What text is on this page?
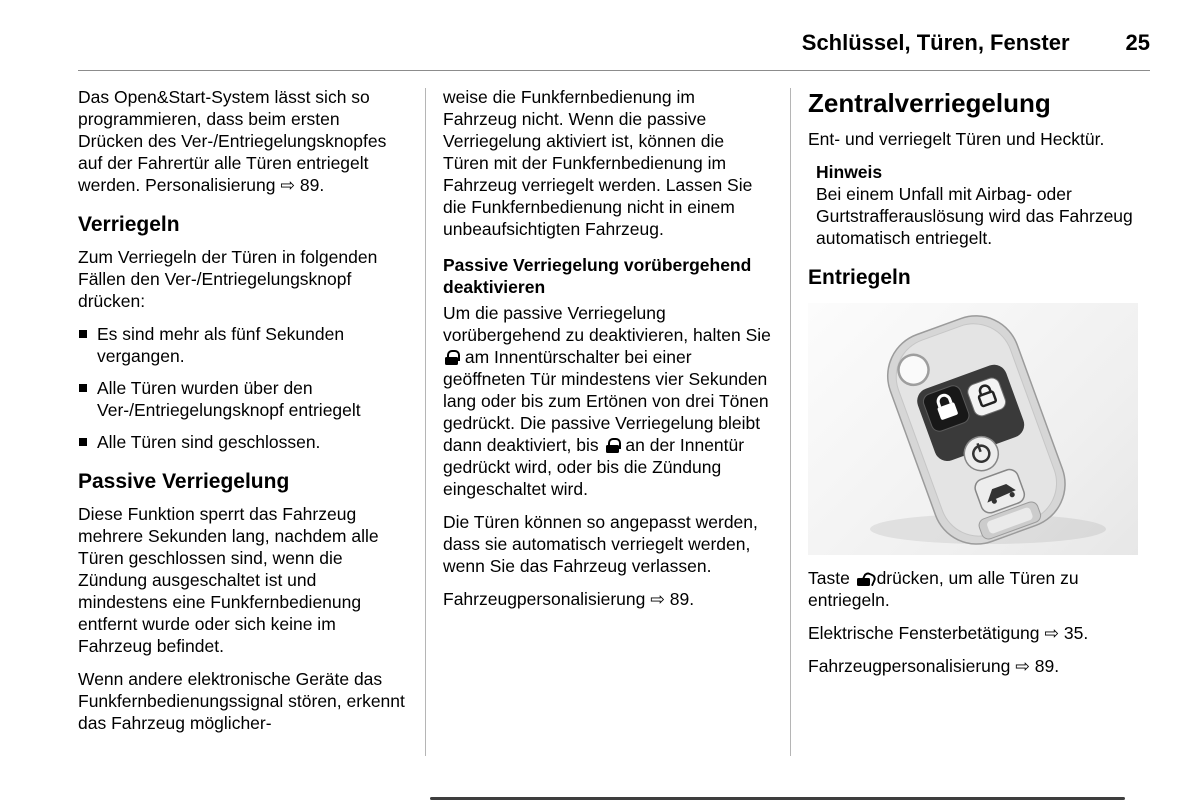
Schlüssel, Türen, Fenster	25

Das Open&Start-System lässt sich so programmieren, dass beim ersten Drücken des Ver-/Entriegelungsknopfes auf der Fahrertür alle Türen entriegelt werden. Personalisierung ⇨ 89.

Verriegeln

Zum Verriegeln der Türen in folgenden Fällen den Ver-/Entriegelungsknopf drücken:

Es sind mehr als fünf Sekunden vergangen.
Alle Türen wurden über den Ver-/Entriegelungsknopf entriegelt
Alle Türen sind geschlossen.
Passive Verriegelung

Diese Funktion sperrt das Fahrzeug mehrere Sekunden lang, nachdem alle Türen geschlossen sind, wenn die Zündung ausgeschaltet ist und mindestens eine Funkfernbedienung entfernt wurde oder sich keine im Fahrzeug befindet.

Wenn andere elektronische Geräte das Funkfernbedienungssignal stören, erkennt das Fahrzeug möglicher-

weise die Funkfernbedienung im Fahrzeug nicht. Wenn die passive Verriegelung aktiviert ist, können die Türen mit der Funkfernbedienung im Fahrzeug verriegelt werden. Lassen Sie die Funkfernbedienung nicht in einem unbeaufsichtigten Fahrzeug.

Passive Verriegelung vorübergehend deaktivieren

Um die passive Verriegelung vorübergehend zu deaktivieren, halten Sie  am Innentürschalter bei einer geöffneten Tür mindestens vier Sekunden lang oder bis zum Ertönen von drei Tönen gedrückt. Die passive Verriegelung bleibt dann deaktiviert, bis  an der Innentür gedrückt wird, oder bis die Zündung eingeschaltet wird.

Die Türen können so angepasst werden, dass sie automatisch verriegelt werden, wenn Sie das Fahrzeug verlassen.

Fahrzeugpersonalisierung ⇨ 89.

Zentralverriegelung

Ent- und verriegelt Türen und Hecktür.

Hinweis
Bei einem Unfall mit Airbag- oder Gurtstrafferauslösung wird das Fahrzeug automatisch entriegelt.
Entriegeln

Taste  drücken, um alle Türen zu entriegeln.

Elektrische Fensterbetätigung ⇨ 35.

Fahrzeugpersonalisierung ⇨ 89.
